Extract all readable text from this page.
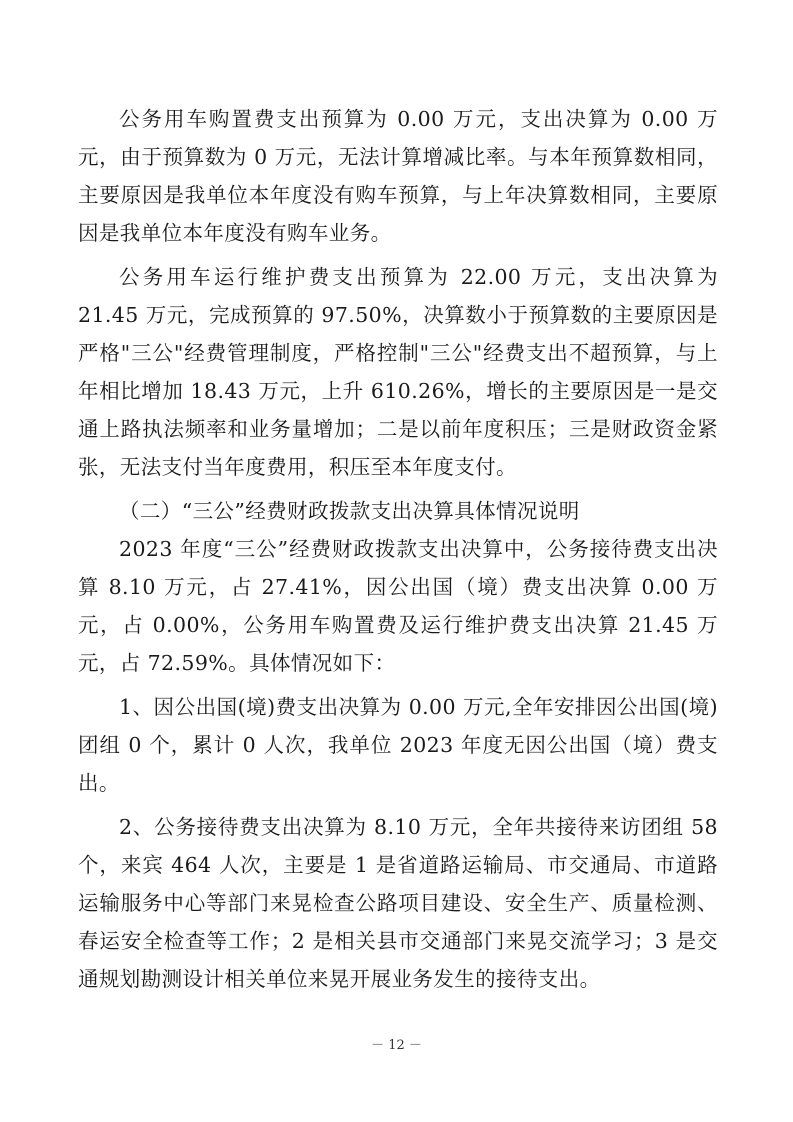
公务用车购置费支出预算为 0.00 万元，支出决算为 0.00 万元，由于预算数为 0 万元，无法计算增减比率。与本年预算数相同，主要原因是我单位本年度没有购车预算，与上年决算数相同，主要原因是我单位本年度没有购车业务。

公务用车运行维护费支出预算为 22.00 万元，支出决算为 21.45 万元，完成预算的 97.50%，决算数小于预算数的主要原因是严格"三公"经费管理制度，严格控制"三公"经费支出不超预算，与上年相比增加 18.43 万元，上升 610.26%，增长的主要原因是一是交通上路执法频率和业务量增加；二是以前年度积压；三是财政资金紧张，无法支付当年度费用，积压至本年度支付。

（二）“三公”经费财政拨款支出决算具体情况说明

2023 年度“三公”经费财政拨款支出决算中，公务接待费支出决算 8.10 万元，占 27.41%，因公出国（境）费支出决算 0.00 万元，占 0.00%，公务用车购置费及运行维护费支出决算 21.45 万元，占 72.59%。具体情况如下：

1、因公出国(境)费支出决算为 0.00 万元,全年安排因公出国(境)团组 0 个，累计 0 人次，我单位 2023 年度无因公出国（境）费支出。

2、公务接待费支出决算为 8.10 万元，全年共接待来访团组 58 个，来宾 464 人次，主要是 1 是省道路运输局、市交通局、市道路运输服务中心等部门来晃检查公路项目建设、安全生产、质量检测、春运安全检查等工作；2 是相关县市交通部门来晃交流学习；3 是交通规划勘测设计相关单位来晃开展业务发生的接待支出。

－ 12 －
